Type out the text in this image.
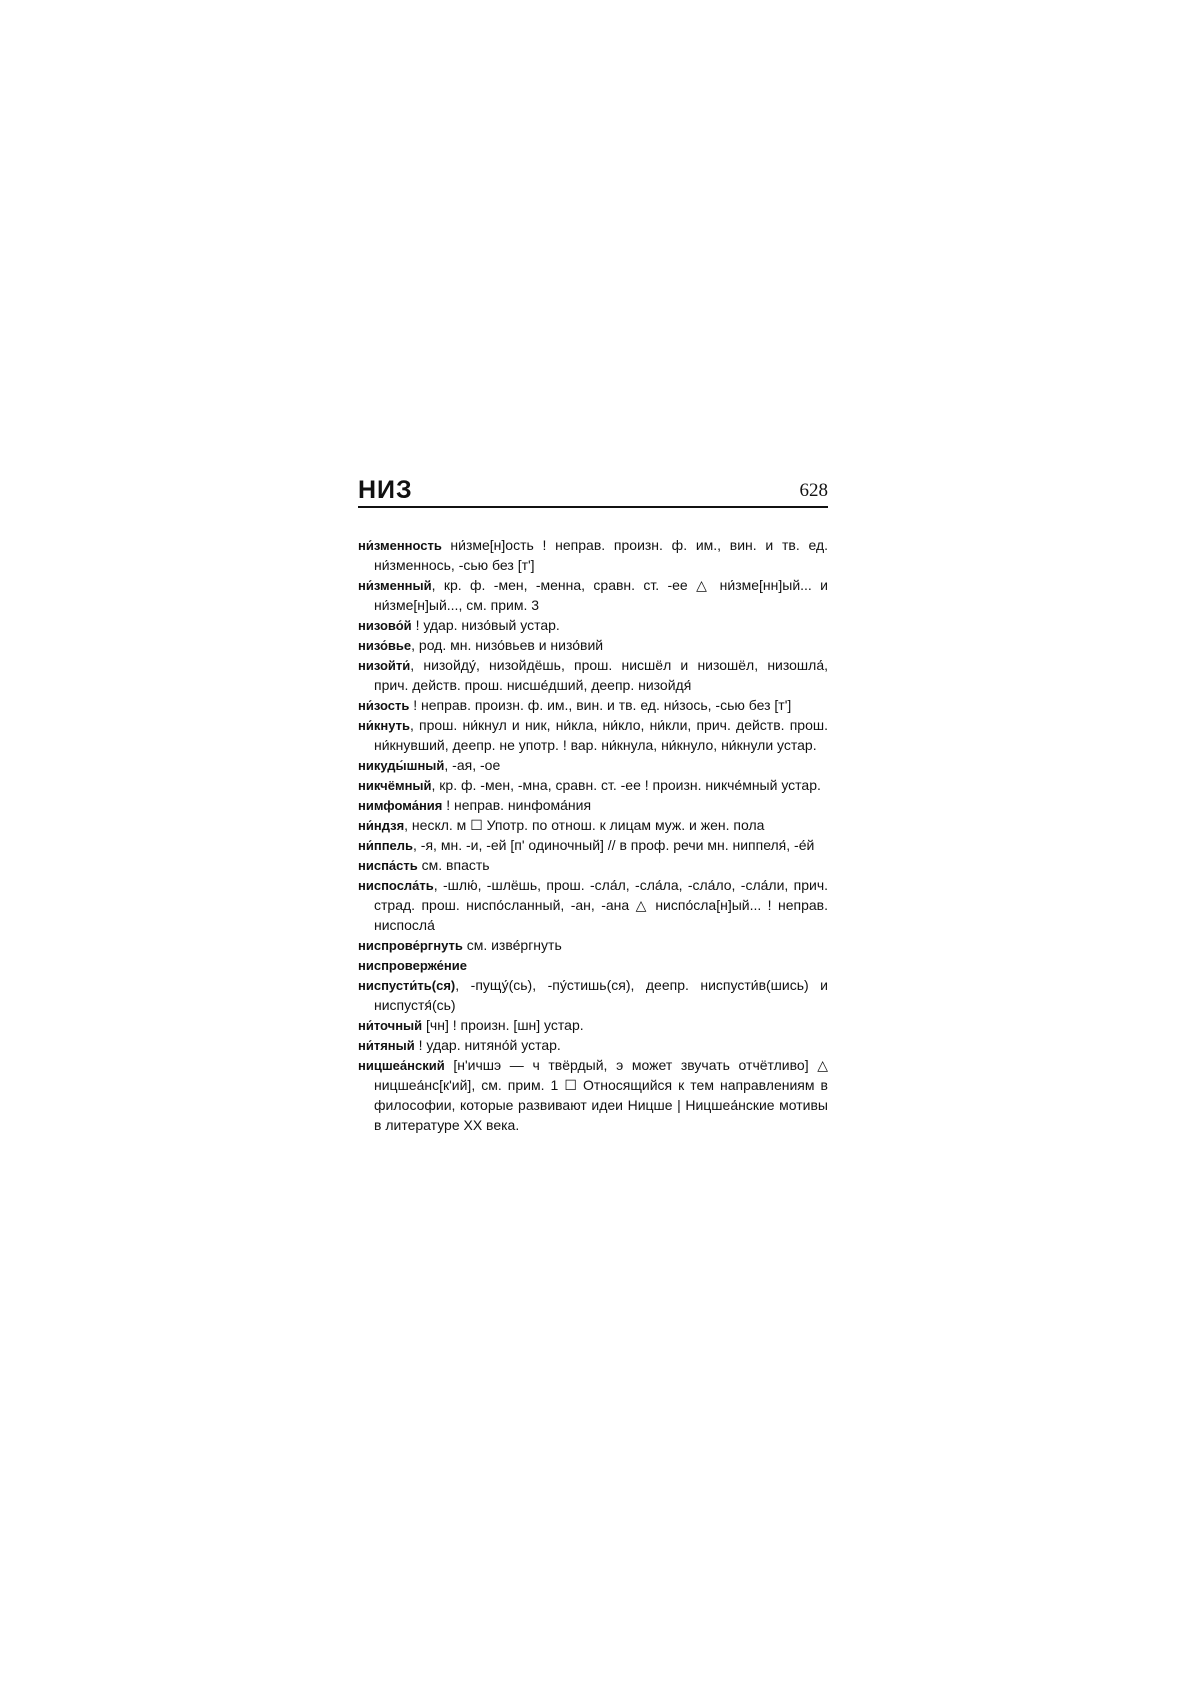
НИЗ	628

ни́зменность ни́зме[н]ость ! неправ. произн. ф. им., вин. и тв. ед. ни́зменнось, -сью без [т']

ни́зменный, кр. ф. -мен, -менна, сравн. ст. -ее △ ни́зме[нн]ый... и ни́зме[н]ый..., см. прим. 3

низово́й ! удар. низо́вый устар.

низо́вье, род. мн. низо́вьев и низо́вий

низойти́, низойду́, низойдёшь, прош. нисшёл и низошёл, низошла́, прич. действ. прош. нисше́дший, деепр. низойдя́

ни́зость ! неправ. произн. ф. им., вин. и тв. ед. ни́зось, -сью без [т']

ни́кнуть, прош. ни́кнул и ник, ни́кла, ни́кло, ни́кли, прич. действ. прош. ни́кнувший, деепр. не употр. ! вар. ни́кнула, ни́кнуло, ни́кнули устар.

никуды́шный, -ая, -ое

никчёмный, кр. ф. -мен, -мна, сравн. ст. -ее ! произн. никче́мный устар.

нимфома́ния ! неправ. нинфома́ния

ни́ндзя, нескл. м ☐ Употр. по отнош. к лицам муж. и жен. пола

ни́ппель, -я, мн. -и, -ей [п' одиночный] // в проф. речи мн. ниппеля́, -е́й

ниспа́сть см. впасть

ниспосла́ть, -шлю́, -шлёшь, прош. -сла́л, -сла́ла, -сла́ло, -сла́ли, прич. страд. прош. ниспо́сланный, -ан, -ана △ ниспо́сла[н]ый... ! неправ. ниспосла́

ниспрове́ргнуть см. изве́ргнуть

ниспроверже́ние

ниспусти́ть(ся), -пущу́(сь), -пу́стишь(ся), деепр. ниспусти́в(шись) и ниспустя́(сь)

ни́точный [чн] ! произн. [шн] устар.

ни́тяный ! удар. нитяно́й устар.

ницшеа́нский [н'ичшэ — ч твёрдый, э может звучать отчётливо] △ ницшеа́нс[к'ий], см. прим. 1 ☐ Относящийся к тем направлениям в философии, которые развивают идеи Ницше | Ницшеа́нские мотивы в литературе XX века.
